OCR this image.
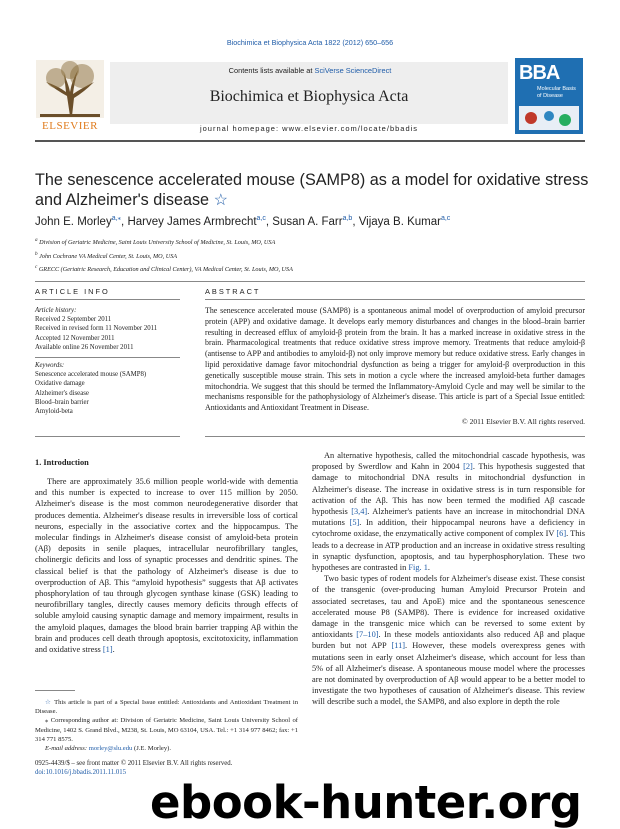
Biochimica et Biophysica Acta 1822 (2012) 650–656
ELSEVIER
Contents lists available at SciVerse ScienceDirect
Biochimica et Biophysica Acta
journal homepage: www.elsevier.com/locate/bbadis
BBA
Molecular Basis of Disease
The senescence accelerated mouse (SAMP8) as a model for oxidative stress and Alzheimer's disease ☆
John E. Morley$^{a,⁎}$, Harvey James Armbrecht$^{a,c}$, Susan A. Farr$^{a,b}$, Vijaya B. Kumar$^{a,c}$
$^a$ Division of Geriatric Medicine, Saint Louis University School of Medicine, St. Louis, MO, USA
$^b$ John Cochrane VA Medical Center, St. Louis, MO, USA
$^c$ GRECC (Geriatric Research, Education and Clinical Center), VA Medical Center, St. Louis, MO, USA
ARTICLE INFO	ABSTRACT
Article history:
Received 2 September 2011
Received in revised form 11 November 2011
Accepted 12 November 2011
Available online 26 November 2011
Keywords:
Senescence accelerated mouse (SAMP8)
Oxidative damage
Alzheimer's disease
Blood–brain barrier
Amyloid-beta
The senescence accelerated mouse (SAMP8) is a spontaneous animal model of overproduction of amyloid precursor protein (APP) and oxidative damage. It develops early memory disturbances and changes in the blood–brain barrier resulting in decreased efflux of amyloid-β protein from the brain. It has a marked increase in oxidative stress in the brain. Pharmacological treatments that reduce oxidative stress improve memory. Treatments that reduce amyloid-β (antisense to APP and antibodies to amyloid-β) not only improve memory but reduce oxidative stress. Early changes in lipid peroxidative damage favor mitochondrial dysfunction as being a trigger for amyloid-β overproduction in this genetically susceptible mouse strain. This sets in motion a cycle where the increased amyloid-beta further damages mitochondria. We suggest that this should be termed the Inflammatory-Amyloid Cycle and may well be similar to the mechanisms responsible for the pathophysiology of Alzheimer's disease. This article is part of a Special Issue entitled: Antioxidants and Antioxidant Treatment in Disease.
© 2011 Elsevier B.V. All rights reserved.
1. Introduction

There are approximately 35.6 million people world-wide with dementia and this number is expected to increase to over 115 million by 2050. Alzheimer's disease is the most common neurodegenerative disorder that produces dementia. Alzheimer's disease results in irreversible loss of cortical neurons, especially in the associative cortex and the hippocampus. The molecular findings in Alzheimer's disease consist of amyloid-beta protein (Aβ) deposits in senile plaques, intracellular neurofibrillary tangles, cholinergic deficits and loss of synaptic processes and dendritic spines. The classical belief is that the pathology of Alzheimer's disease is due to overproduction of Aβ. This “amyloid hypothesis” suggests that Aβ activates phosphorylation of tau through glycogen synthase kinase (GSK) leading to neurofibrillary tangles, directly causes memory deficits through effects of soluble amyloid causing synaptic damage and memory impairment, results in the amyloid plaques, damages the blood brain barrier trapping Aβ within the brain and produces cell death through apoptosis, excitotoxicity, inflammation and oxidative stress [1].

An alternative hypothesis, called the mitochondrial cascade hypothesis, was proposed by Swerdlow and Kahn in 2004 [2]. This hypothesis suggested that damage to mitochondrial DNA results in mitochondrial dysfunction in Alzheimer's disease. The increase in oxidative stress is in turn responsible for activation of the Aβ. This has now been termed the modified Aβ cascade hypothesis [3,4]. Alzheimer's patients have an increase in mitochondrial DNA mutations [5]. In addition, their hippocampal neurons have a deficiency in cytochrome oxidase, the enzymatically active component of complex IV [6]. This leads to a decrease in ATP production and an increase in oxidative stress resulting in synaptic dysfunction, apoptosis, and tau hyperphosphorylation. These two hypotheses are contrasted in Fig. 1.

Two basic types of rodent models for Alzheimer's disease exist. These consist of the transgenic (over-producing human Amyloid Precursor Protein and associated secretases, tau and ApoE) mice and the spontaneous senescence accelerated mouse P8 (SAMP8). There is evidence for increased oxidative damage in the transgenic mice which can be reversed to some extent by antioxidants [7–10]. In these models antioxidants also reduced Aβ and plaque burden but not APP [11]. However, these models overexpress genes with mutations seen in early onset Alzheimer's disease, which account for less than 5% of all Alzheimer's disease. A spontaneous mouse model where the processes are not dominated by overproduction of Aβ would appear to be a better model to investigate the two hypotheses of causation of Alzheimer's disease. This review will describe such a model, the SAMP8, and also explore in depth the role

☆ This article is part of a Special Issue entitled: Antioxidants and Antioxidant Treatment in Disease.

⁎ Corresponding author at: Division of Geriatric Medicine, Saint Louis University School of Medicine, 1402 S. Grand Blvd., M238, St. Louis, MO 63104, USA. Tel.: +1 314 977 8462; fax: +1 314 771 8575.

E-mail address: morley@slu.edu (J.E. Morley).

0925-4439/$ – see front matter © 2011 Elsevier B.V. All rights reserved.
doi:10.1016/j.bbadis.2011.11.015
ebook-hunter.org
